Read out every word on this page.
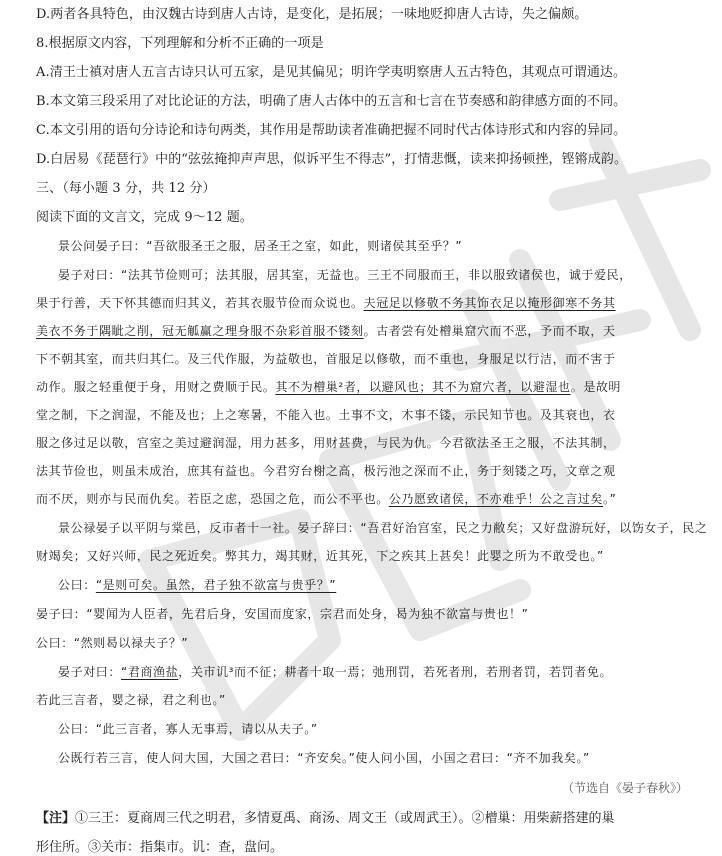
D.两者各具特色，由汉魏古诗到唐人古诗，是变化，是拓展；一味地贬抑唐人古诗，失之偏颇。

8.根据原文内容，下列理解和分析不正确的一项是

A.清王士禛对唐人五言古诗只认可五家，是见其偏见；明许学夷明察唐人五古特色，其观点可谓通达。

B.本文第三段采用了对比论证的方法，明确了唐人古体中的五言和七言在节奏感和韵律感方面的不同。

C.本文引用的语句分诗论和诗句两类，其作用是帮助读者准确把握不同时代古体诗形式和内容的异同。

D.白居易《琵琶行》中的“弦弦掩抑声声思，似诉平生不得志”，打情悲慨，读来抑扬顿挫，铿锵成韵。

三、（每小题 3 分，共 12 分）

阅读下面的文言文，完成 9～12 题。

景公问晏子曰：“吾欲服圣王之服，居圣王之室，如此，则诸侯其至乎？”
晏子对曰：“法其节俭则可；法其服，居其室，无益也。三王不同服而王，非以服致诸侯也，诚于爱民，
果于行善，天下怀其德而归其义，若其衣服节俭而众说也。夫冠足以修敬不务其饰衣足以掩形御寒不务其
美衣不务于隅眦之削，冠无觚赢之理身服不杂彩首服不镂刻。古者尝有处橧巢窟穴而不恶，予而不取，天
下不朝其室，而共归其仁。及三代作服，为益敬也，首服足以修敬，而不重也，身服足以行洁，而不害于
动作。服之轻重便于身，用财之费顺于民。其不为橧巢²者，以避风也；其不为窟穴者，以避湿也。是故明
堂之制，下之润湿，不能及也；上之寒暑，不能入也。土事不文，木事不镂，示民知节也。及其衰也，衣
服之侈过足以敬，宫室之美过避润湿，用力甚多，用财甚费，与民为仇。今君欲法圣王之服，不法其制，
法其节俭也，则虽未成治，庶其有益也。今君穷台榭之高，极污池之深而不止，务于刻镂之巧，文章之观
而不厌，则亦与民而仇矣。若臣之虑，恐国之危，而公不平也。公乃愿致诸侯，不亦难乎！公之言过矣。”
景公禄晏子以平阴与棠邑，反市者十一社。晏子辞曰：“吾君好治宫室，民之力敝矣；又好盘游玩好，以饬女子，民之
财竭矣；又好兴师，民之死近矣。弊其力，竭其财，近其死，下之疾其上甚矣！此婴之所为不敢受也。”
公曰：“是则可矣。虽然，君子独不欲富与贵乎？”
晏子曰：“婴闻为人臣者，先君后身，安国而度家，宗君而处身，曷为独不欲富与贵也！”
公曰：“然则曷以禄夫子？”
晏子对曰：“君商渔盐，关市讥³而不征；耕者十取一焉；弛刑罚，若死者刑，若刑者罚，若罚者免。
若此三言者，婴之禄，君之利也。”
公曰：“此三言者，寡人无事焉，请以从夫子。”
公既行若三言，使人问大国，大国之君曰：“齐安矣。”使人问小国，小国之君曰：“齐不加我矣。”
（节选自《晏子春秋》）
【注】①三王：夏商周三代之明君，多情夏禹、商汤、周文王（或周武王）。②橧巢：用柴薪搭建的巢
形住所。③关市：指集市。讥：查，盘问。
